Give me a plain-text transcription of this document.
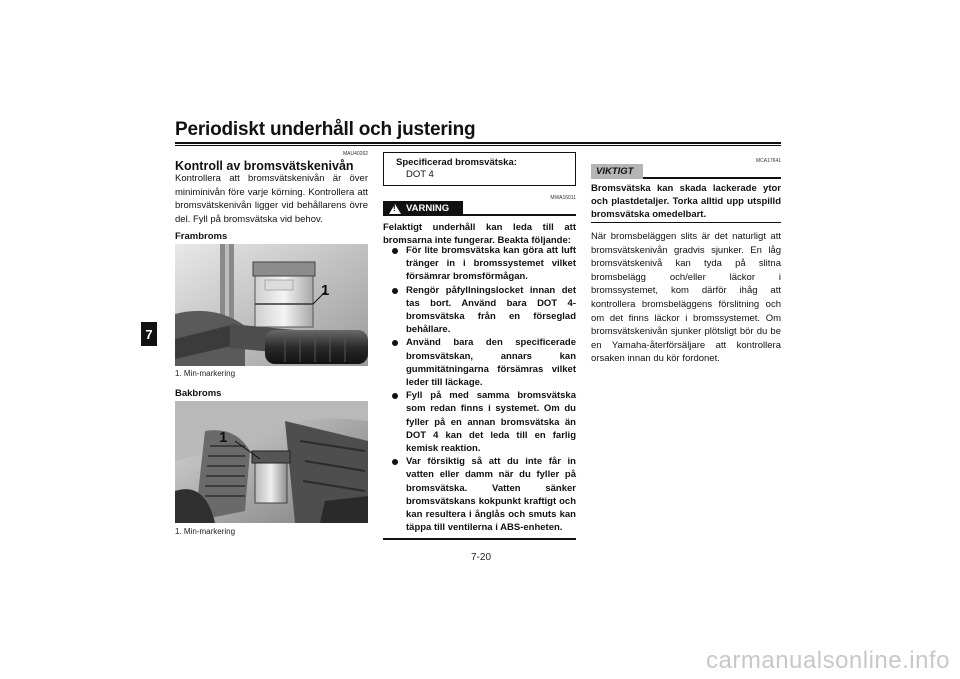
Periodiskt underhåll och justering
7
MAU40262
Kontroll av bromsvätskenivån
Kontrollera att bromsvätskenivån är över miniminivån före varje körning. Kontrollera att bromsvätskenivån ligger vid behållarens övre del. Fyll på bromsvätska vid behov.
Frambroms
1
1. Min-markering
Bakbroms
1
1. Min-markering
Specificerad bromsvätska:
DOT 4
MWA16011
!
VARNING
Felaktigt underhåll kan leda till att bromsarna inte fungerar. Beakta följande:
För lite bromsvätska kan göra att luft tränger in i bromssystemet vilket försämrar bromsförmågan.
Rengör påfyllningslocket innan det tas bort. Använd bara DOT 4-bromsvätska från en förseglad behållare.
Använd bara den specificerade bromsvätskan, annars kan gummitätningarna försämras vilket leder till läckage.
Fyll på med samma bromsvätska som redan finns i systemet. Om du fyller på en annan bromsvätska än DOT 4 kan det leda till en farlig kemisk reaktion.
Var försiktig så att du inte får in vatten eller damm när du fyller på bromsvätska. Vatten sänker bromsvätskans kokpunkt kraftigt och kan resultera i ånglås och smuts kan täppa till ventilerna i ABS-enheten.
MCA17641
VIKTIGT
Bromsvätska kan skada lackerade ytor och plastdetaljer. Torka alltid upp utspilld bromsvätska omedelbart.
När bromsbeläggen slits är det naturligt att bromsvätskenivån gradvis sjunker. En låg bromsvätskenivå kan tyda på slitna bromsbelägg och/eller läckor i bromssystemet, kom därför ihåg att kontrollera bromsbeläggens förslitning och om det finns läckor i bromssystemet. Om bromsvätskenivån sjunker plötsligt bör du be en Yamaha-återförsäljare att kontrollera orsaken innan du kör fordonet.
7-20
carmanualsonline.info
